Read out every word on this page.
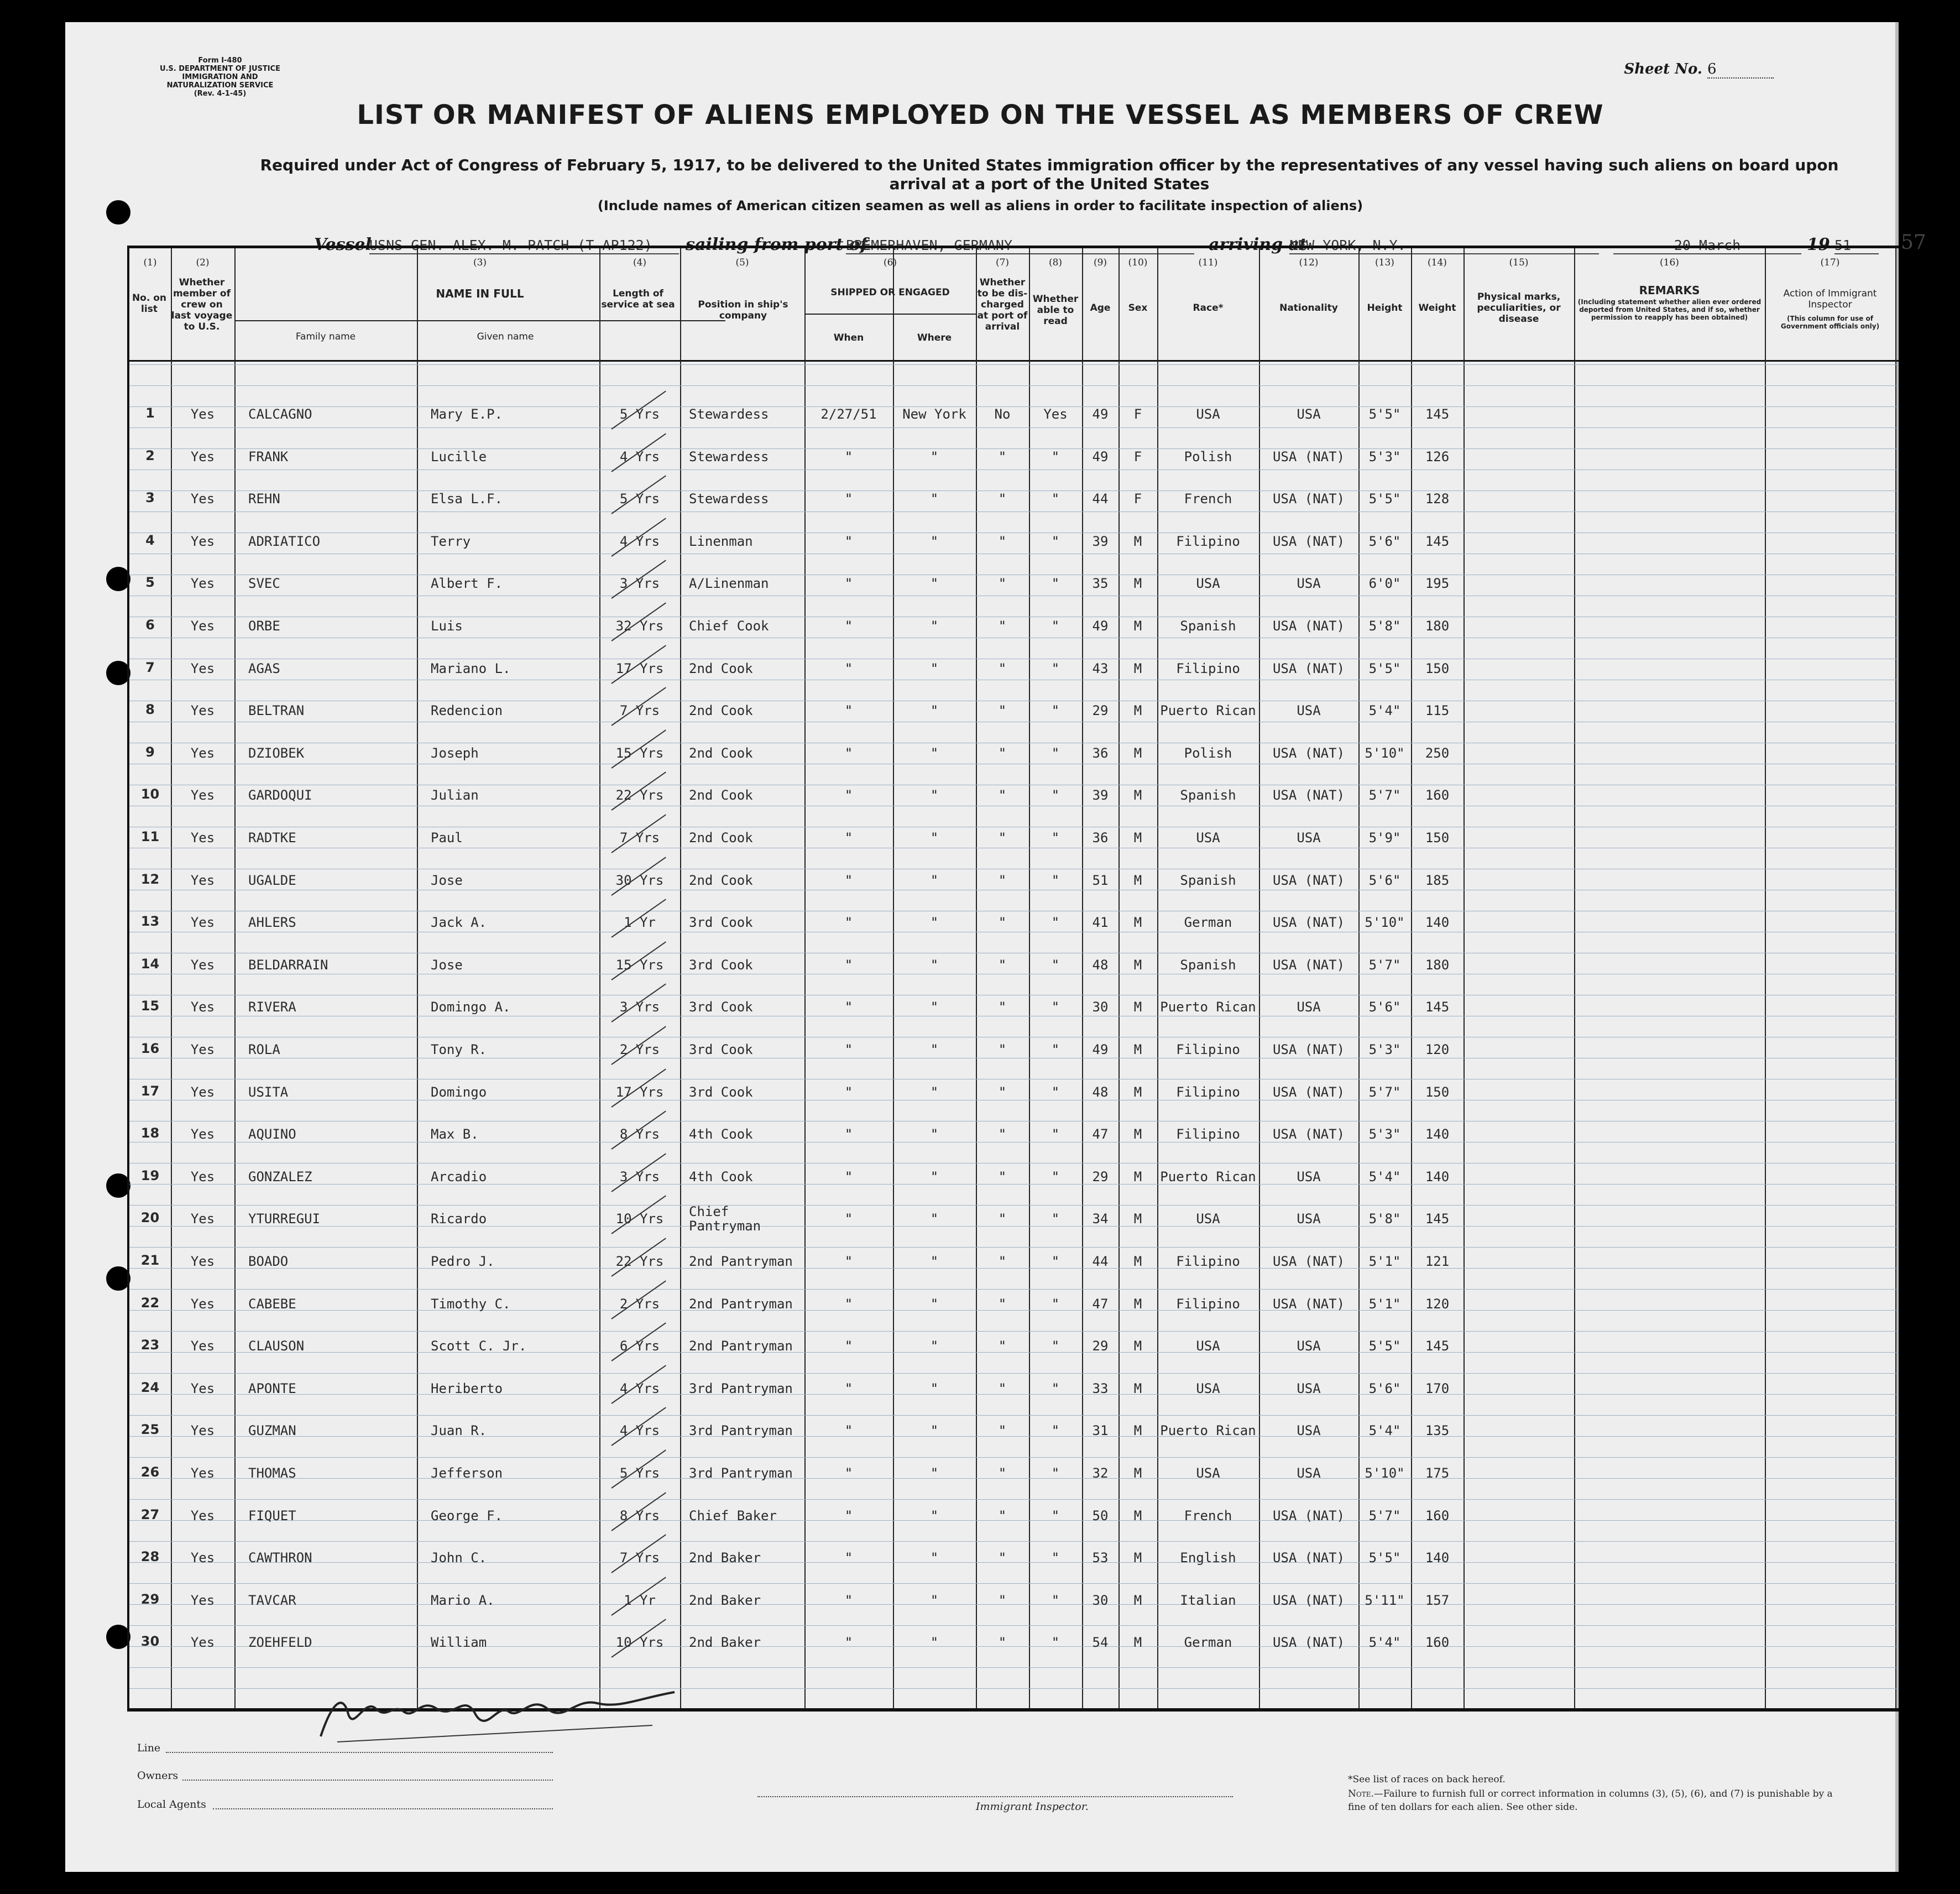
Form I-480
U.S. DEPARTMENT OF JUSTICE
IMMIGRATION AND NATURALIZATION SERVICE
(Rev. 4-1-45)
Sheet No. 6
LIST OR MANIFEST OF ALIENS EMPLOYED ON THE VESSEL AS MEMBERS OF CREW
Required under Act of Congress of February 5, 1917, to be delivered to the United States immigration officer by the representatives of any vessel having such aliens on board upon arrival at a port of the United States
(Include names of American citizen seamen as well as aliens in order to facilitate inspection of aliens)
Vessel
USNS GEN. ALEX. M. PATCH (T-AP122)	sailing from port of
BREMERHAVEN, GERMANY	arriving at
NEW YORK, N.Y.	20 March	19 51	57
(1)	(2)	(3)	(4)	(5)	(6)	(7)	(8)	(9)	(10)	(11)	(12)	(13)	(14)	(15)	(16)	(17)
No. on list
Whether member of crew on last voyage to U.S.
NAME IN FULL
Family name	Given name
Length of service at sea	Position in ship's company
SHIPPED OR ENGAGED
When	Where
Whether to be dis-charged at port of arrival
Whether able to read
Age	Sex	Race*	Nationality	Height	Weight
Physical marks, peculiarities, or disease
REMARKS
(Including statement whether alien ever ordered deported from United States, and if so, whether permission to reapply has been obtained)
Action of Immigrant Inspector
(This column for use of Government officials only)
1	Yes	CALCAGNO	Mary E.P.	5 Yrs	Stewardess	2/27/51	New York	No	Yes	49	F	USA	USA	5'5"	145
2	Yes	FRANK	Lucille	4 Yrs	Stewardess	"	"	"	"	49	F	Polish	USA (NAT)	5'3"	126
3	Yes	REHN	Elsa L.F.	5 Yrs	Stewardess	"	"	"	"	44	F	French	USA (NAT)	5'5"	128
4	Yes	ADRIATICO	Terry	4 Yrs	Linenman	"	"	"	"	39	M	Filipino	USA (NAT)	5'6"	145
5	Yes	SVEC	Albert F.	3 Yrs	A/Linenman	"	"	"	"	35	M	USA	USA	6'0"	195
6	Yes	ORBE	Luis	32 Yrs	Chief Cook	"	"	"	"	49	M	Spanish	USA (NAT)	5'8"	180
7	Yes	AGAS	Mariano L.	17 Yrs	2nd Cook	"	"	"	"	43	M	Filipino	USA (NAT)	5'5"	150
8	Yes	BELTRAN	Redencion	7 Yrs	2nd Cook	"	"	"	"	29	M	Puerto Rican	USA	5'4"	115
9	Yes	DZIOBEK	Joseph	15 Yrs	2nd Cook	"	"	"	"	36	M	Polish	USA (NAT)	5'10"	250
10	Yes	GARDOQUI	Julian	22 Yrs	2nd Cook	"	"	"	"	39	M	Spanish	USA (NAT)	5'7"	160
11	Yes	RADTKE	Paul	7 Yrs	2nd Cook	"	"	"	"	36	M	USA	USA	5'9"	150
12	Yes	UGALDE	Jose	30 Yrs	2nd Cook	"	"	"	"	51	M	Spanish	USA (NAT)	5'6"	185
13	Yes	AHLERS	Jack A.	1 Yr	3rd Cook	"	"	"	"	41	M	German	USA (NAT)	5'10"	140
14	Yes	BELDARRAIN	Jose	15 Yrs	3rd Cook	"	"	"	"	48	M	Spanish	USA (NAT)	5'7"	180
15	Yes	RIVERA	Domingo A.	3 Yrs	3rd Cook	"	"	"	"	30	M	Puerto Rican	USA	5'6"	145
16	Yes	ROLA	Tony R.	2 Yrs	3rd Cook	"	"	"	"	49	M	Filipino	USA (NAT)	5'3"	120
17	Yes	USITA	Domingo	17 Yrs	3rd Cook	"	"	"	"	48	M	Filipino	USA (NAT)	5'7"	150
18	Yes	AQUINO	Max B.	8 Yrs	4th Cook	"	"	"	"	47	M	Filipino	USA (NAT)	5'3"	140
19	Yes	GONZALEZ	Arcadio	3 Yrs	4th Cook	"	"	"	"	29	M	Puerto Rican	USA	5'4"	140
20	Yes	YTURREGUI	Ricardo	10 Yrs	Chief Pantryman	"	"	"	"	34	M	USA	USA	5'8"	145
21	Yes	BOADO	Pedro J.	22 Yrs	2nd Pantryman	"	"	"	"	44	M	Filipino	USA (NAT)	5'1"	121
22	Yes	CABEBE	Timothy C.	2 Yrs	2nd Pantryman	"	"	"	"	47	M	Filipino	USA (NAT)	5'1"	120
23	Yes	CLAUSON	Scott C. Jr.	6 Yrs	2nd Pantryman	"	"	"	"	29	M	USA	USA	5'5"	145
24	Yes	APONTE	Heriberto	4 Yrs	3rd Pantryman	"	"	"	"	33	M	USA	USA	5'6"	170
25	Yes	GUZMAN	Juan R.	4 Yrs	3rd Pantryman	"	"	"	"	31	M	Puerto Rican	USA	5'4"	135
26	Yes	THOMAS	Jefferson	5 Yrs	3rd Pantryman	"	"	"	"	32	M	USA	USA	5'10"	175
27	Yes	FIQUET	George F.	8 Yrs	Chief Baker	"	"	"	"	50	M	French	USA (NAT)	5'7"	160
28	Yes	CAWTHRON	John C.	7 Yrs	2nd Baker	"	"	"	"	53	M	English	USA (NAT)	5'5"	140
29	Yes	TAVCAR	Mario A.	1 Yr	2nd Baker	"	"	"	"	30	M	Italian	USA (NAT)	5'11"	157
30	Yes	ZOEHFELD	William	10 Yrs	2nd Baker	"	"	"	"	54	M	German	USA (NAT)	5'4"	160
Line
Owners
Local Agents	Immigrant Inspector.
*See list of races on back hereof.
Note.—Failure to furnish full or correct information in columns (3), (5), (6), and (7) is punishable by a fine of ten dollars for each alien. See other side.
